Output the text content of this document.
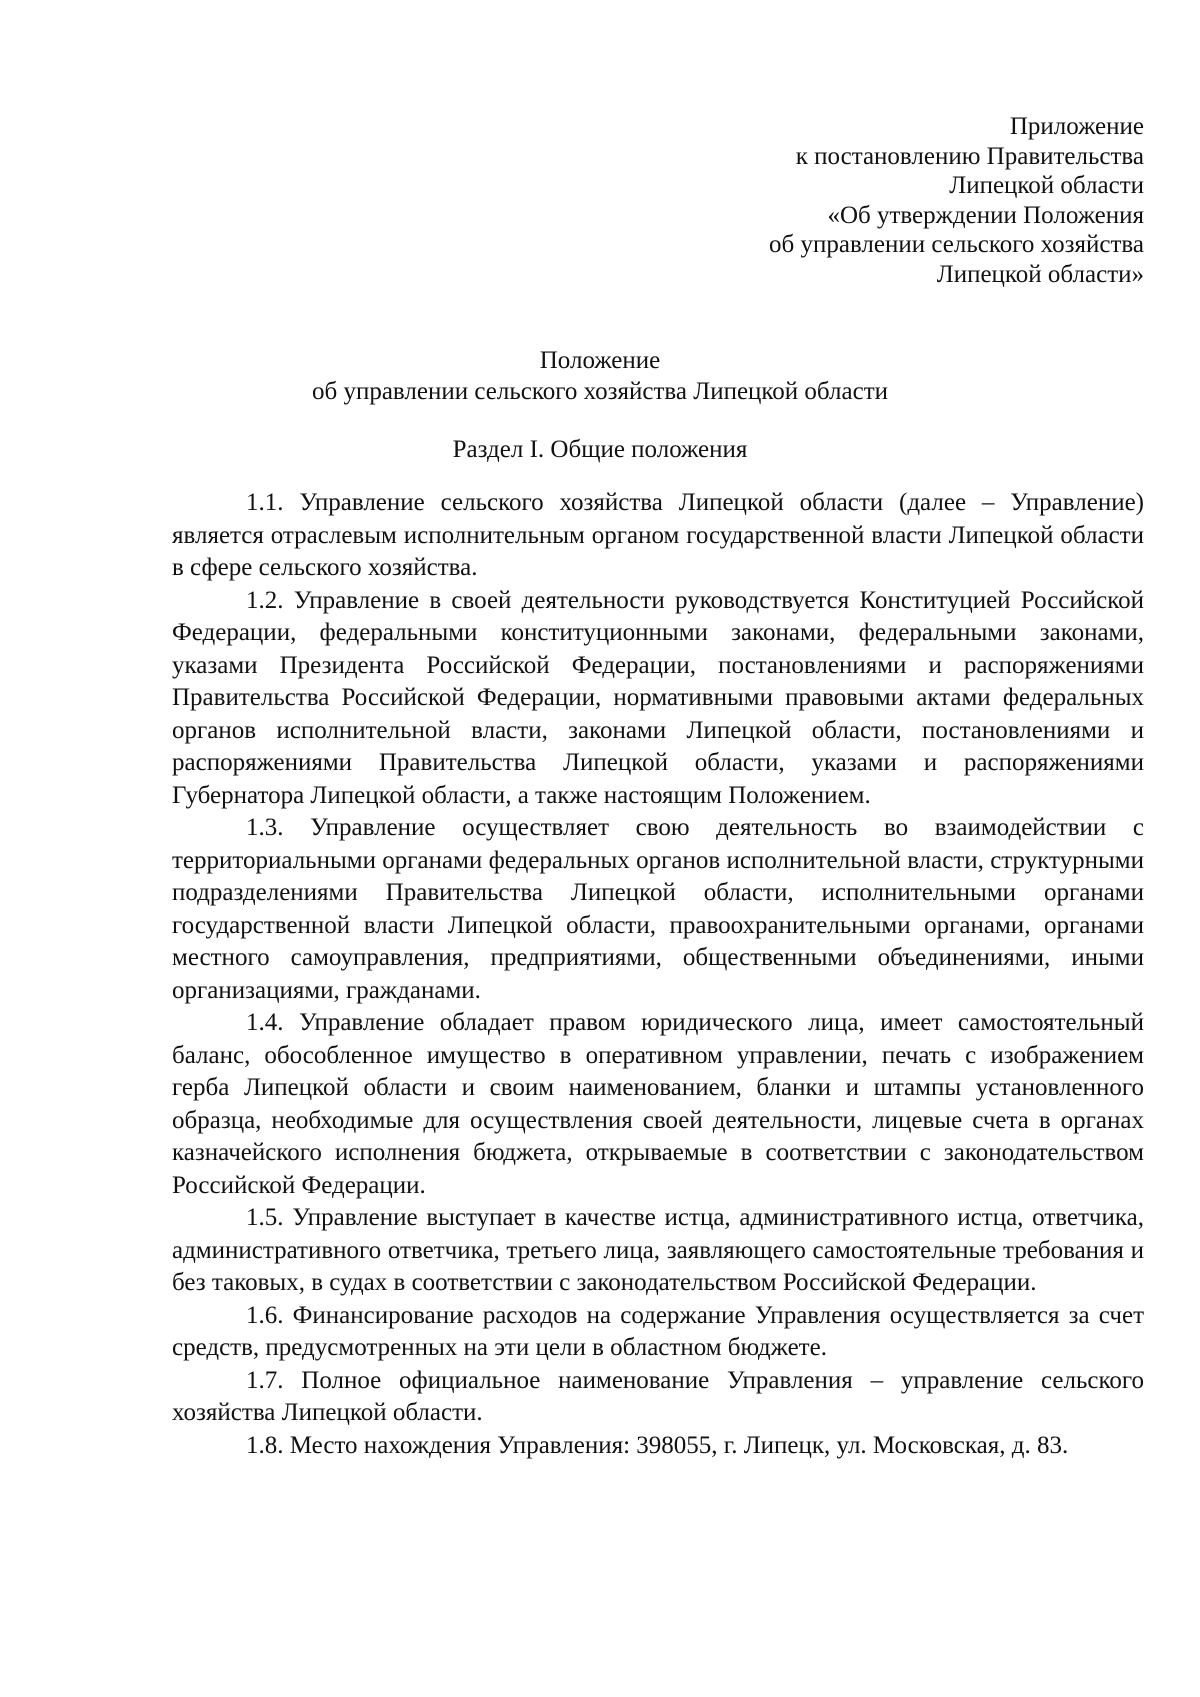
Приложение
к постановлению Правительства
Липецкой области
«Об утверждении Положения
об управлении сельского хозяйства
Липецкой области»
Положение
об управлении сельского хозяйства Липецкой области
Раздел I. Общие положения

1.1. Управление сельского хозяйства Липецкой области (далее – Управление) является отраслевым исполнительным органом государственной власти Липецкой области в сфере сельского хозяйства.

1.2. Управление в своей деятельности руководствуется Конституцией Российской Федерации, федеральными конституционными законами, федеральными законами, указами Президента Российской Федерации, постановлениями и распоряжениями Правительства Российской Федерации, нормативными правовыми актами федеральных органов исполнительной власти, законами Липецкой области, постановлениями и распоряжениями Правительства Липецкой области, указами и распоряжениями Губернатора Липецкой области, а также настоящим Положением.

1.3. Управление осуществляет свою деятельность во взаимодействии с территориальными органами федеральных органов исполнительной власти, структурными подразделениями Правительства Липецкой области, исполнительными органами государственной власти Липецкой области, правоохранительными органами, органами местного самоуправления, предприятиями, общественными объединениями, иными организациями, гражданами.

1.4. Управление обладает правом юридического лица, имеет самостоятельный баланс, обособленное имущество в оперативном управлении, печать с изображением герба Липецкой области и своим наименованием, бланки и штампы установленного образца, необходимые для осуществления своей деятельности, лицевые счета в органах казначейского исполнения бюджета, открываемые в соответствии с законодательством Российской Федерации.

1.5. Управление выступает в качестве истца, административного истца, ответчика, административного ответчика, третьего лица, заявляющего самостоятельные требования и без таковых, в судах в соответствии с законодательством Российской Федерации.

1.6. Финансирование расходов на содержание Управления осуществляется за счет средств, предусмотренных на эти цели в областном бюджете.

1.7. Полное официальное наименование Управления – управление сельского хозяйства Липецкой области.

1.8. Место нахождения Управления: 398055, г. Липецк, ул. Московская, д. 83.
